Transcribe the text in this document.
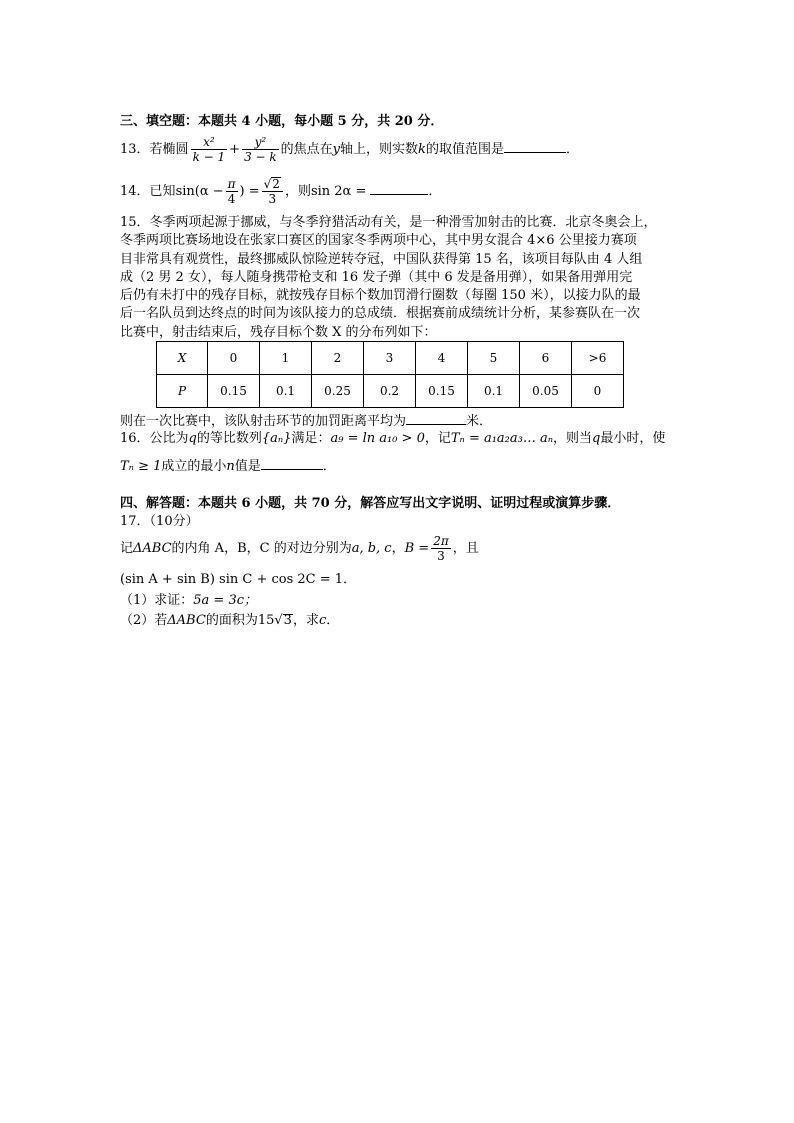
三、填空题：本题共 4 小题，每小题 5 分，共 20 分．
13．若椭圆 $\frac{\text{x²}}{k - 1} + \frac{\text{y²}}{3 - k}$ 的焦点在y轴上，则实数k的取值范围是	．
14．已知$\sin(\alpha - \frac{\pi}{4}$ ) = $\frac{√2}{3}$ ，则sin 2α =	．
15．冬季两项起源于挪威，与冬季狩猎活动有关，是一种滑雪加射击的比赛．北京冬奥会上，
冬季两项比赛场地设在张家口赛区的国家冬季两项中心，其中男女混合 4×6 公里接力赛项
目非常具有观赏性，最终挪威队惊险逆转夺冠，中国队获得第 15 名，该项目每队由 4 人组
成（2 男 2 女），每人随身携带枪支和 16 发子弹（其中 6 发是备用弹），如果备用弹用完
后仍有未打中的残存目标，就按残存目标个数加罚滑行圈数（每圈 150 米），以接力队的最
后一名队员到达终点的时间为该队接力的总成绩．根据赛前成绩统计分析，某参赛队在一次
比赛中，射击结束后，残存目标个数 X 的分布列如下：
X	0	1	2	3	4	5	6	>6
P	0.15	0.1	0.25	0.2	0.15	0.1	0.05	0
则在一次比赛中，该队射击环节的加罚距离平均为	米．
16．公比为q的等比数列{aₙ}满足：a₉ = ln a₁₀ > 0，记Tₙ = a₁a₂a₃… aₙ，则当q最小时，使
Tₙ ≥ 1成立的最小n值是	．
四、解答题：本题共 6 小题，共 70 分，解答应写出文字说明、证明过程或演算步骤．
17．（10分）
记ΔABC的内角 A，B，C 的对边分别为a, b, c，$B = \frac{2\pi}{3}$ ，且
(sin A + sin B) sin C + cos 2C = 1．
（1）求证：5a = 3c；
（2）若ΔABC的面积为15√3，求c．
